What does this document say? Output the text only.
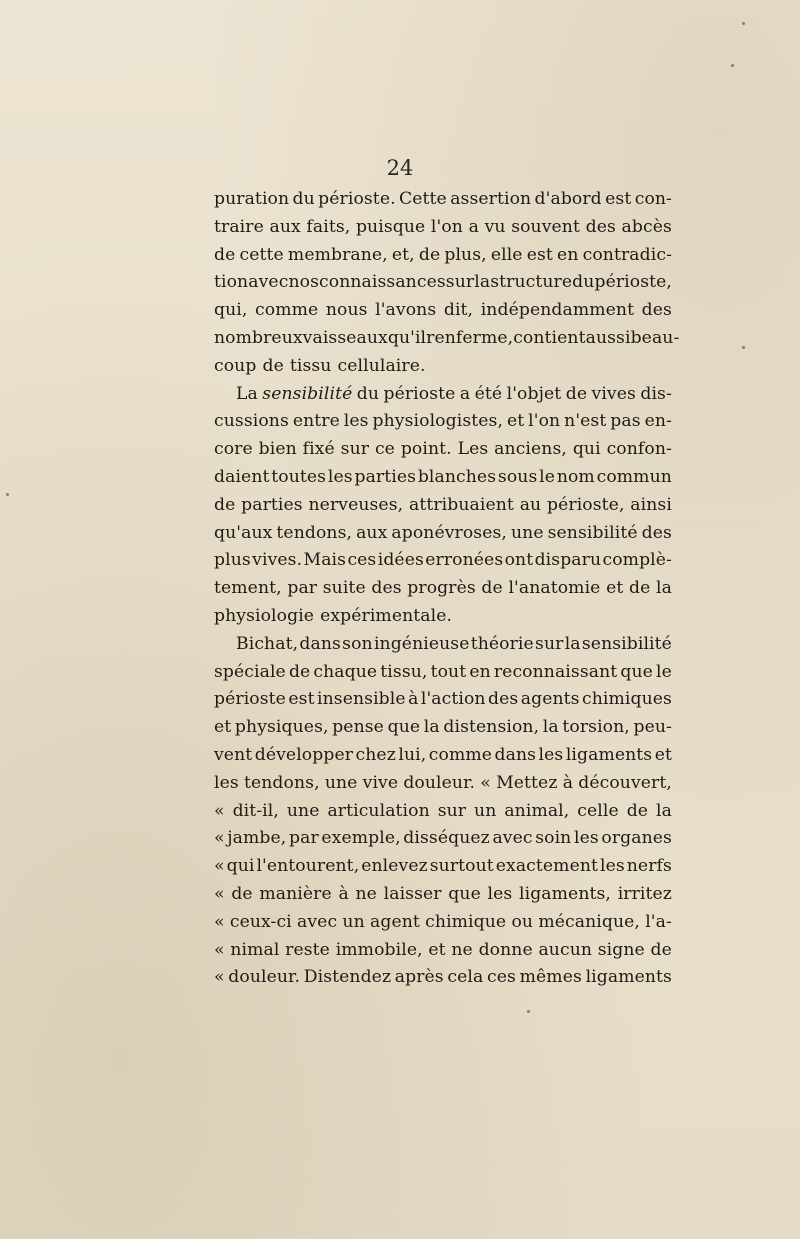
24
puration du périoste. Cette assertion d'abord est con-
traire aux faits, puisque l'on a vu souvent des abcès
de cette membrane, et, de plus, elle est en contradic-
tion avec nos connaissances sur la structure du périoste,
qui, comme nous l'avons dit, indépendamment des
nombreux vaisseaux qu'il renferme, contient aussi beau-
coup de tissu cellulaire.
La sensibilité du périoste a été l'objet de vives dis-
cussions entre les physiologistes, et l'on n'est pas en-
core bien fixé sur ce point. Les anciens, qui confon-
daient toutes les parties blanches sous le nom commun
de parties nerveuses, attribuaient au périoste, ainsi
qu'aux tendons, aux aponévroses, une sensibilité des
plus vives. Mais ces idées erronées ont disparu complè-
tement, par suite des progrès de l'anatomie et de la
physiologie expérimentale.
Bichat, dans son ingénieuse théorie sur la sensibilité
spéciale de chaque tissu, tout en reconnaissant que le
périoste est insensible à l'action des agents chimiques
et physiques, pense que la distension, la torsion, peu-
vent développer chez lui, comme dans les ligaments et
les tendons, une vive douleur. « Mettez à découvert,
« dit-il, une articulation sur un animal, celle de la
« jambe, par exemple, disséquez avec soin les organes
« qui l'entourent, enlevez surtout exactement les nerfs
« de manière à ne laisser que les ligaments, irritez
« ceux-ci avec un agent chimique ou mécanique, l'a-
« nimal reste immobile, et ne donne aucun signe de
« douleur. Distendez après cela ces mêmes ligaments
